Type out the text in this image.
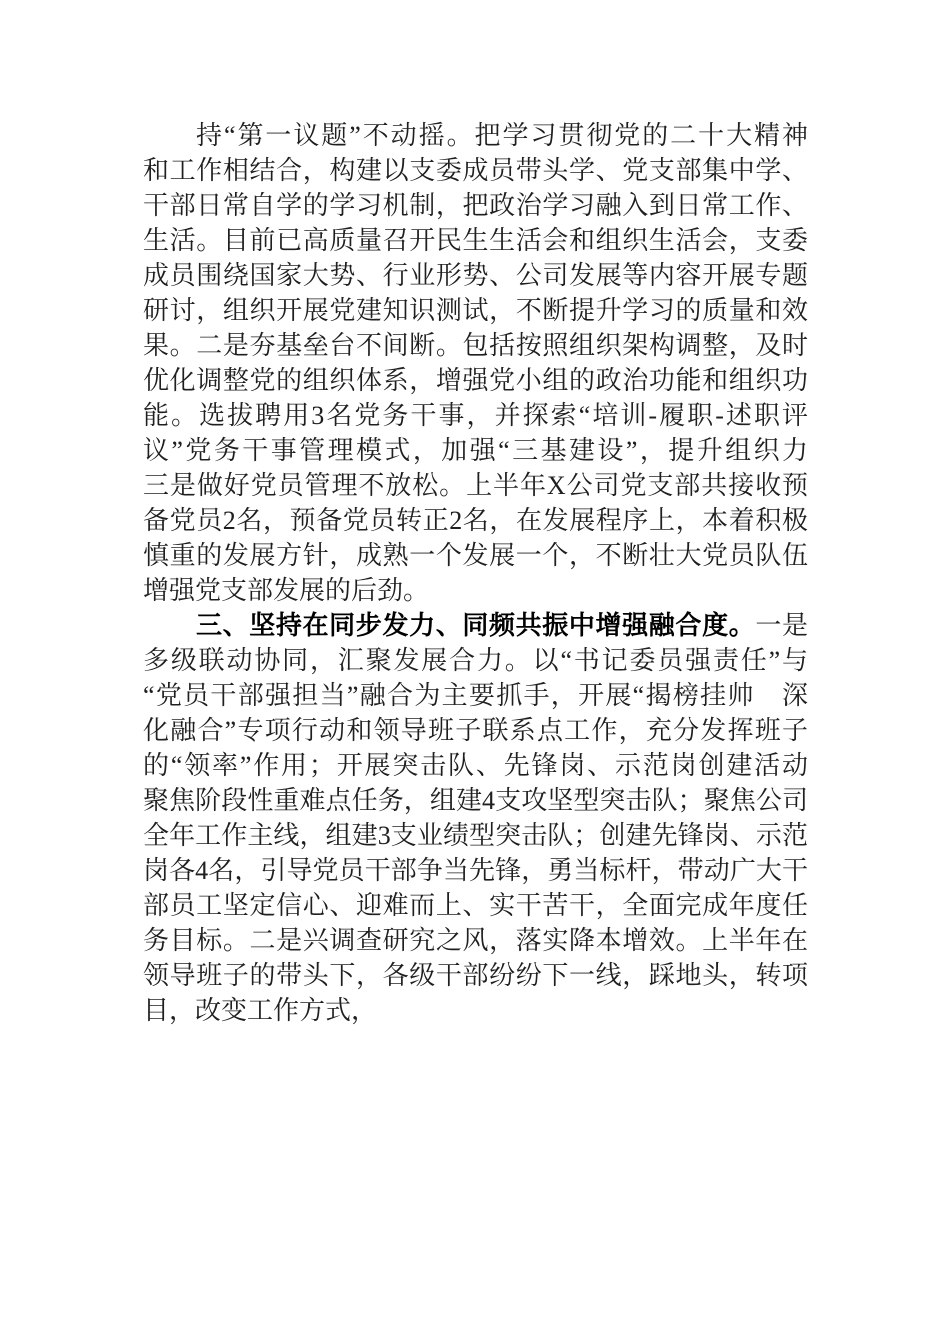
持“第一议题”不动摇。把学习贯彻党的二十大精神
和工作相结合，构建以支委成员带头学、党支部集中学、
干部日常自学的学习机制，把政治学习融入到日常工作、
生活。目前已高质量召开民生生活会和组织生活会，支委
成员围绕国家大势、行业形势、公司发展等内容开展专题
研讨，组织开展党建知识测试，不断提升学习的质量和效
果。二是夯基垒台不间断。包括按照组织架构调整，及时
优化调整党的组织体系，增强党小组的政治功能和组织功
能。选拔聘用3名党务干事，并探索“培训-履职-述职评
议”党务干事管理模式，加强“三基建设”，提升组织力
三是做好党员管理不放松。上半年X公司党支部共接收预
备党员2名，预备党员转正2名，在发展程序上，本着积极
慎重的发展方针，成熟一个发展一个，不断壮大党员队伍
增强党支部发展的后劲。
三、坚持在同步发力、同频共振中增强融合度。一是
多级联动协同，汇聚发展合力。以“书记委员强责任”与
“党员干部强担当”融合为主要抓手，开展“揭榜挂帅　深
化融合”专项行动和领导班子联系点工作，充分发挥班子
的“领率”作用；开展突击队、先锋岗、示范岗创建活动
聚焦阶段性重难点任务，组建4支攻坚型突击队；聚焦公司
全年工作主线，组建3支业绩型突击队；创建先锋岗、示范
岗各4名，引导党员干部争当先锋，勇当标杆，带动广大干
部员工坚定信心、迎难而上、实干苦干，全面完成年度任
务目标。二是兴调查研究之风，落实降本增效。上半年在
领导班子的带头下，各级干部纷纷下一线，踩地头，转项
目，改变工作方式，
